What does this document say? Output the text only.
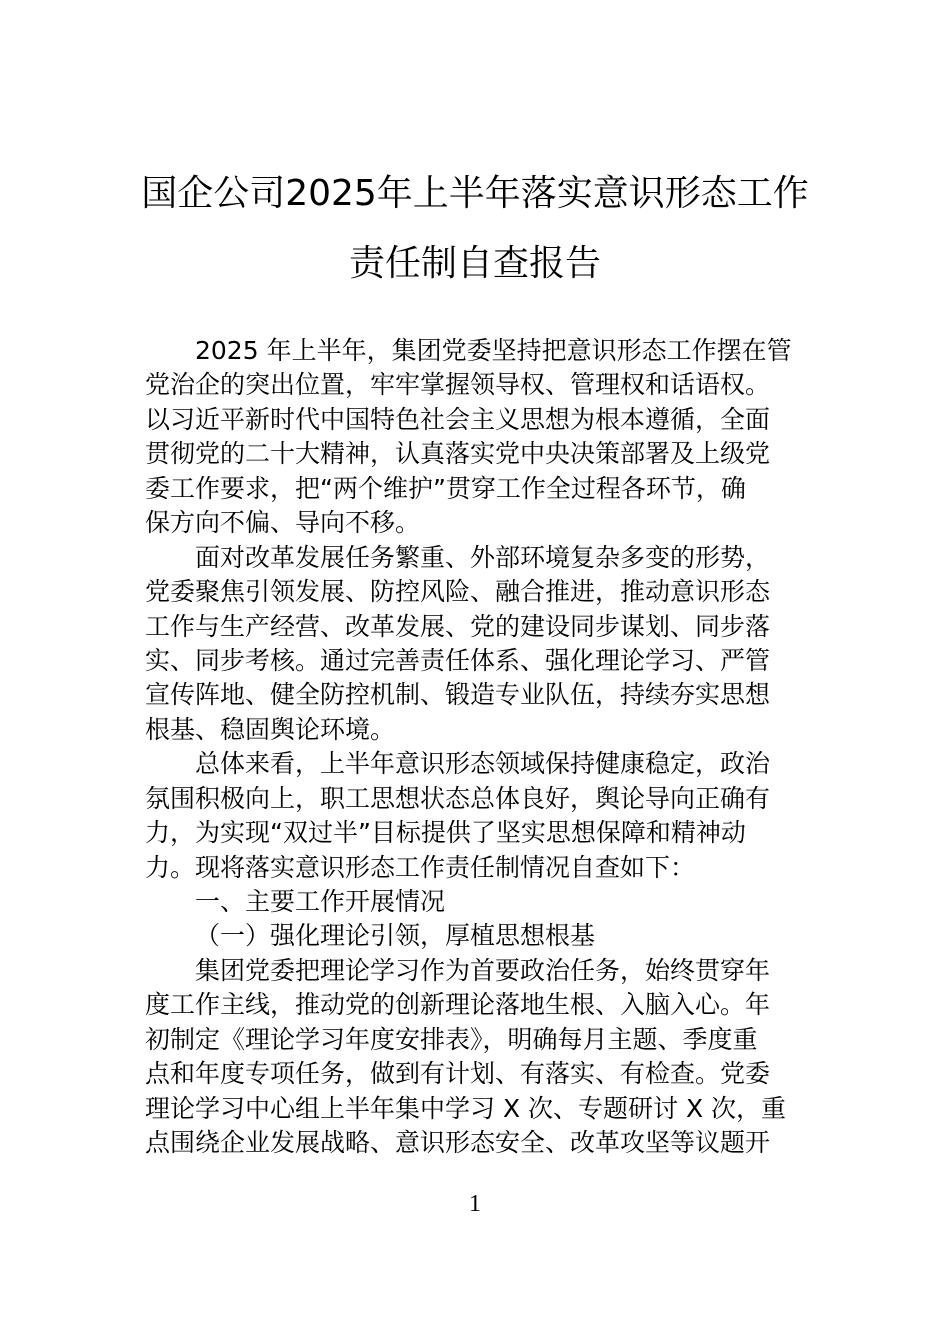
国企公司2025年上半年落实意识形态工作
责任制自查报告
2025 年上半年，集团党委坚持把意识形态工作摆在管
党治企的突出位置，牢牢掌握领导权、管理权和话语权。
以习近平新时代中国特色社会主义思想为根本遵循，全面
贯彻党的二十大精神，认真落实党中央决策部署及上级党
委工作要求，把“两个维护”贯穿工作全过程各环节，确
保方向不偏、导向不移。
面对改革发展任务繁重、外部环境复杂多变的形势，
党委聚焦引领发展、防控风险、融合推进，推动意识形态
工作与生产经营、改革发展、党的建设同步谋划、同步落
实、同步考核。通过完善责任体系、强化理论学习、严管
宣传阵地、健全防控机制、锻造专业队伍，持续夯实思想
根基、稳固舆论环境。
总体来看，上半年意识形态领域保持健康稳定，政治
氛围积极向上，职工思想状态总体良好，舆论导向正确有
力，为实现“双过半”目标提供了坚实思想保障和精神动
力。现将落实意识形态工作责任制情况自查如下：
一、主要工作开展情况
（一）强化理论引领，厚植思想根基
集团党委把理论学习作为首要政治任务，始终贯穿年
度工作主线，推动党的创新理论落地生根、入脑入心。年
初制定《理论学习年度安排表》，明确每月主题、季度重
点和年度专项任务，做到有计划、有落实、有检查。党委
理论学习中心组上半年集中学习 X 次、专题研讨 X 次，重
点围绕企业发展战略、意识形态安全、改革攻坚等议题开
1
